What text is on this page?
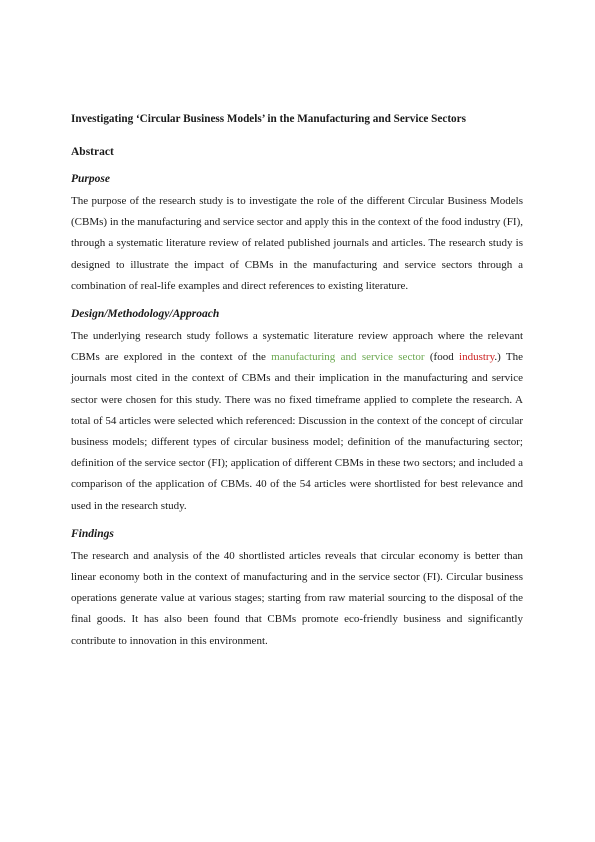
Investigating ‘Circular Business Models’ in the Manufacturing and Service Sectors
Abstract
Purpose

The purpose of the research study is to investigate the role of the different Circular Business Models (CBMs) in the manufacturing and service sector and apply this in the context of the food industry (FI), through a systematic literature review of related published journals and articles. The research study is designed to illustrate the impact of CBMs in the manufacturing and service sectors through a combination of real-life examples and direct references to existing literature.

Design/Methodology/Approach

The underlying research study follows a systematic literature review approach where the relevant CBMs are explored in the context of the manufacturing and service sector (food industry.) The journals most cited in the context of CBMs and their implication in the manufacturing and service sector were chosen for this study. There was no fixed timeframe applied to complete the research. A total of 54 articles were selected which referenced: Discussion in the context of the concept of circular business models; different types of circular business model; definition of the manufacturing sector; definition of the service sector (FI); application of different CBMs in these two sectors; and included a comparison of the application of CBMs. 40 of the 54 articles were shortlisted for best relevance and used in the research study.

Findings

The research and analysis of the 40 shortlisted articles reveals that circular economy is better than linear economy both in the context of manufacturing and in the service sector (FI). Circular business operations generate value at various stages; starting from raw material sourcing to the disposal of the final goods. It has also been found that CBMs promote eco-friendly business and significantly contribute to innovation in this environment.
